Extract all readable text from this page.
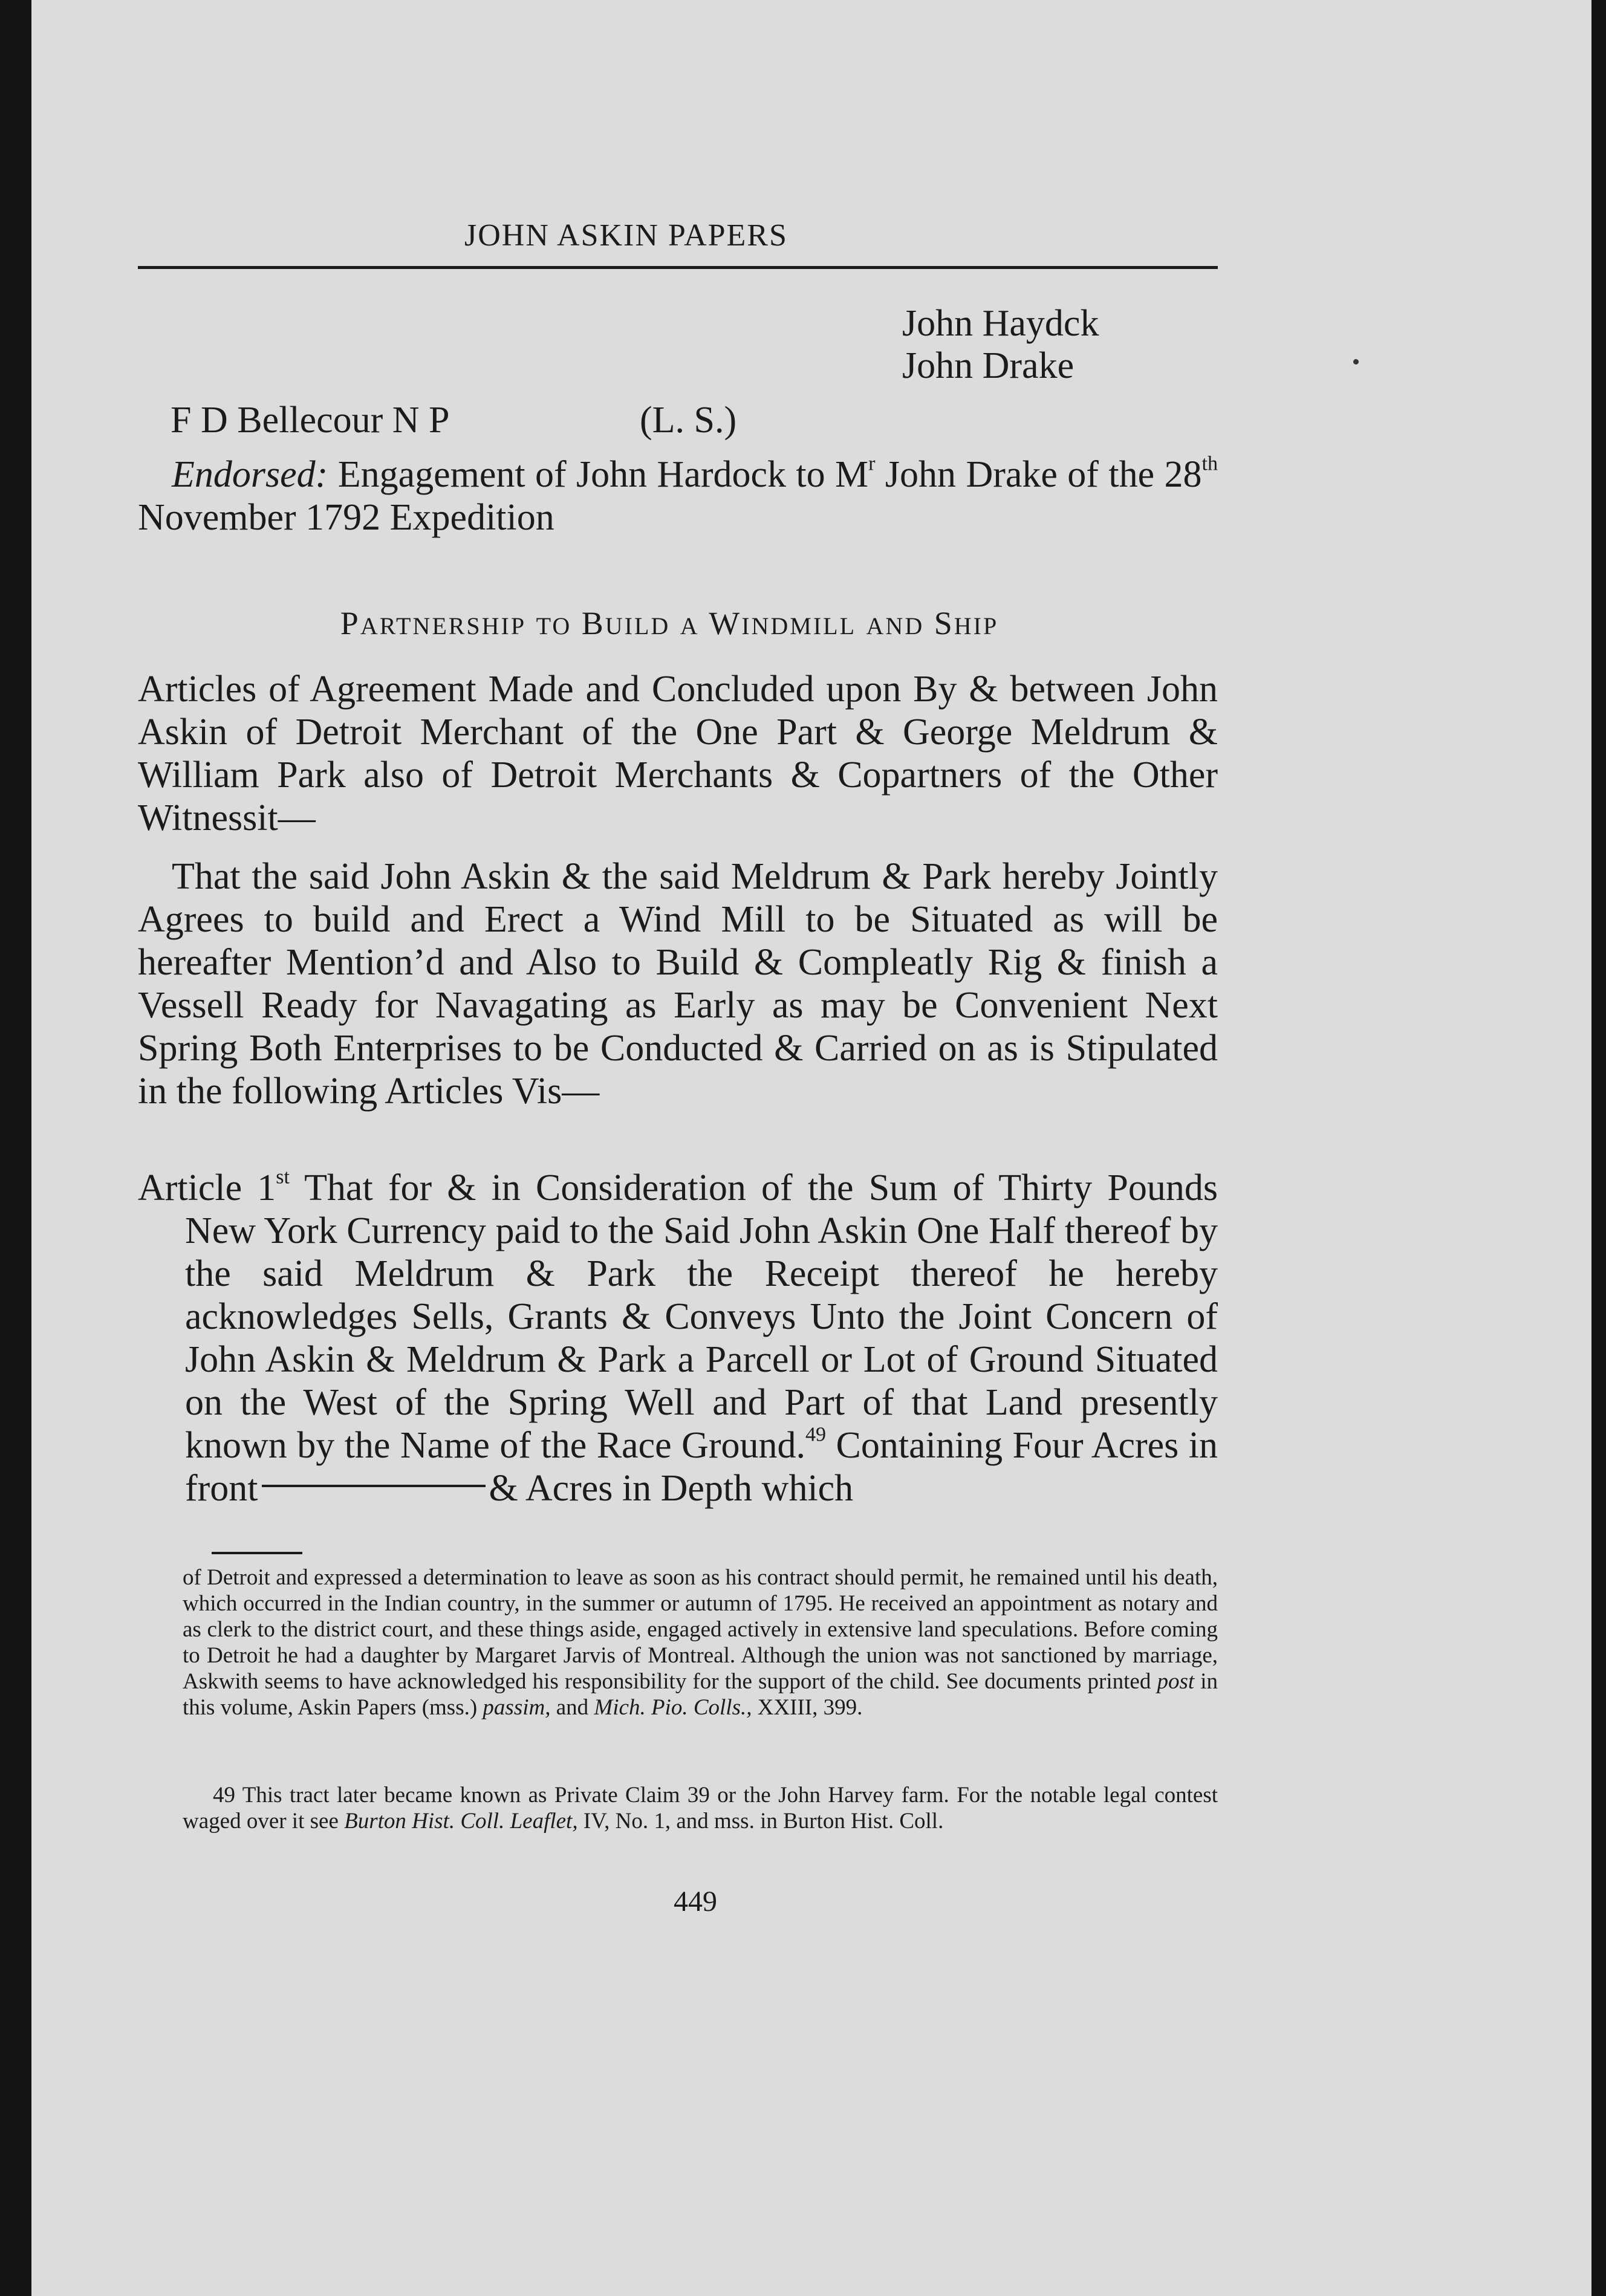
JOHN ASKIN PAPERS
John Haydck
John Drake
F D Bellecour N P	(L. S.)
Endorsed: Engagement of John Hardock to $M^r$ John Drake of the 28th November 1792 Expedition
PARTNERSHIP TO BUILD A WINDMILL AND SHIP
Articles of Agreement Made and Concluded upon By & between John Askin of Detroit Merchant of the One Part & George Meldrum & William Park also of Detroit Merchants & Copartners of the Other Witnessit—
That the said John Askin & the said Meldrum & Park hereby Jointly Agrees to build and Erect a Wind Mill to be Situated as will be hereafter Mention’d and Also to Build & Compleatly Rig & finish a Vessell Ready for Navagating as Early as may be Convenient Next Spring Both Enterprises to be Conducted & Carried on as is Stipulated in the following Articles Vis—
Article 1st That for & in Consideration of the Sum of Thirty Pounds New York Currency paid to the Said John Askin One Half thereof by the said Meldrum & Park the Receipt thereof he hereby acknowledges Sells, Grants & Conveys Unto the Joint Concern of John Askin & Meldrum & Park a Parcell or Lot of Ground Situated on the West of the Spring Well and Part of that Land presently known by the Name of the Race Ground.$^{49}$ Containing Four Acres in front	& Acres in Depth which
of Detroit and expressed a determination to leave as soon as his contract should permit, he remained until his death, which occurred in the Indian country, in the summer or autumn of 1795. He received an appointment as notary and as clerk to the district court, and these things aside, engaged actively in extensive land speculations. Before coming to Detroit he had a daughter by Margaret Jarvis of Montreal. Although the union was not sanctioned by marriage, Askwith seems to have acknowledged his responsibility for the support of the child. See documents printed post in this volume, Askin Papers (mss.) passim, and Mich. Pio. Colls., XXIII, 399.
49 This tract later became known as Private Claim 39 or the John Harvey farm. For the notable legal contest waged over it see Burton Hist. Coll. Leaflet, IV, No. 1, and mss. in Burton Hist. Coll.
449
